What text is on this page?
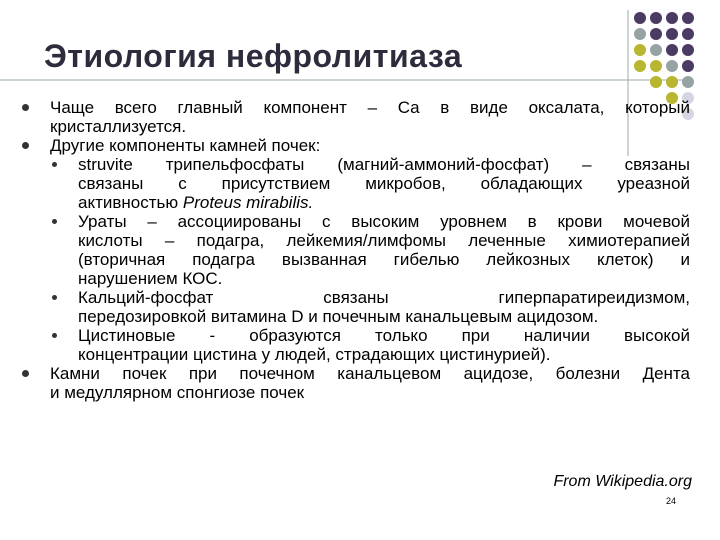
Этиология нефролитиаза
Чаще всего главный компонент – Са в виде оксалата, который
кристаллизуется.
Другие компоненты камней почек:
struvite трипельфосфаты (магний-аммоний-фосфат) – связаны
связаны с присутствием микробов, обладающих уреазной
активностью Proteus mirabilis.
Ураты – ассоциированы с высоким уровнем в крови мочевой
кислоты – подагра, лейкемия/лимфомы леченные химиотерапией
(вторичная подагра вызванная гибелью лейкозных клеток) и
нарушением КОС.
Кальций-фосфат связаны гиперпаратиреидизмом,
передозировкой витамина D и почечным канальцевым ацидозом.
Цистиновые - образуются только при наличии высокой
концентрации цистина у людей, страдающих цистинурией).
Камни почек при почечном канальцевом ацидозе, болезни Дента
и медуллярном спонгиозе почек
From Wikipedia.org
24
